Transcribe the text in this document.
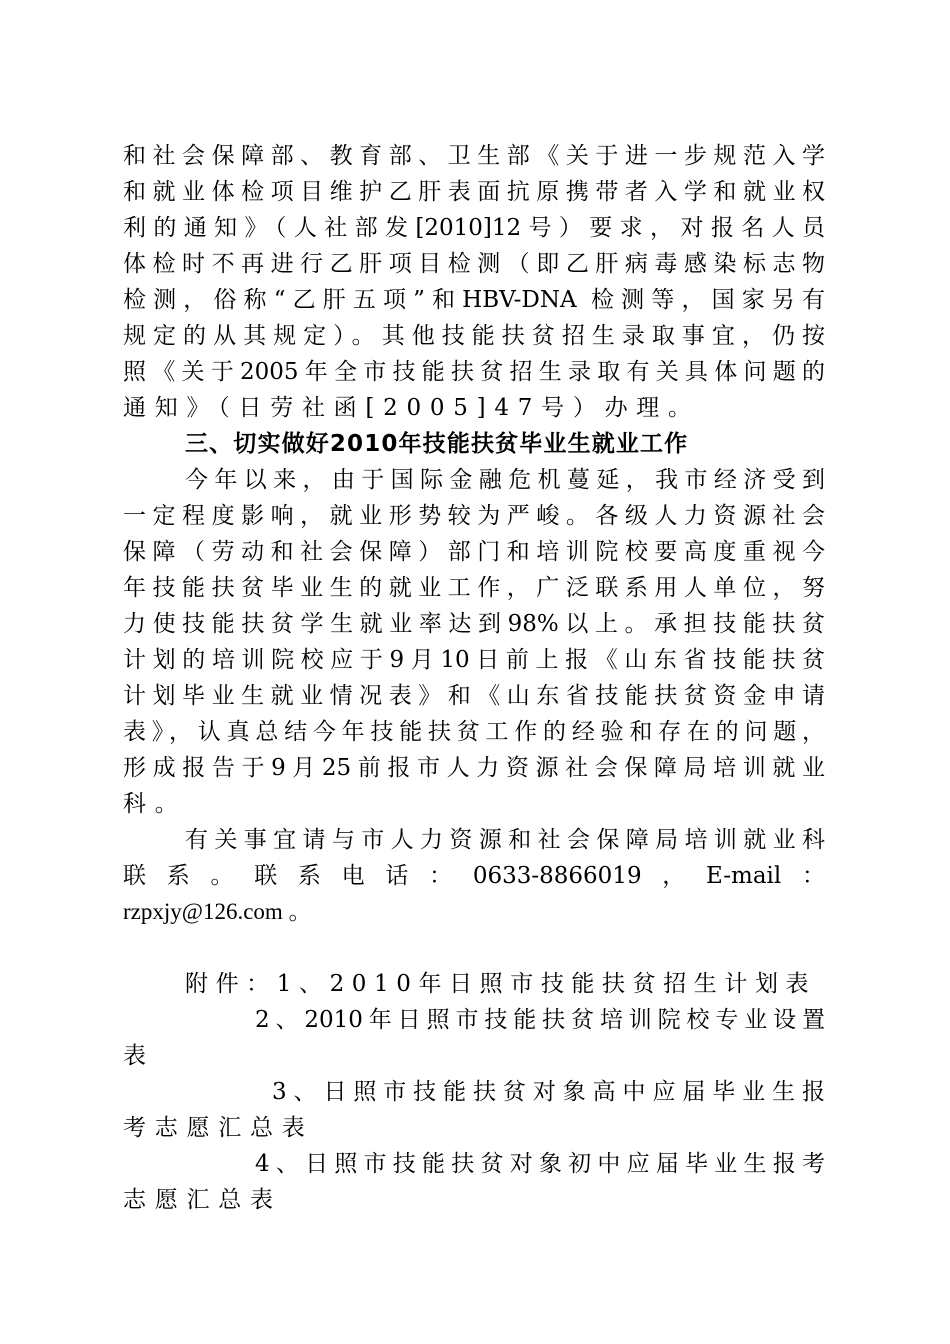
和社会保障部、教育部、卫生部《关于进一步规范入学
和就业体检项目维护乙肝表面抗原携带者入学和就业权
利的通知》（人社部发[2010]12号）要求，对报名人员
体检时不再进行乙肝项目检测（即乙肝病毒感染标志物
检测，俗称“乙肝五项”和HBV-DNA 检测等，国家另有
规定的从其规定）。其他技能扶贫招生录取事宜，仍按
照《关于2005年全市技能扶贫招生录取有关具体问题的
通知》（日劳社函[2005]47号）办理。
三、切实做好2010年技能扶贫毕业生就业工作
今年以来，由于国际金融危机蔓延，我市经济受到
一定程度影响，就业形势较为严峻。各级人力资源社会
保障（劳动和社会保障）部门和培训院校要高度重视今
年技能扶贫毕业生的就业工作，广泛联系用人单位，努
力使技能扶贫学生就业率达到98%以上。承担技能扶贫
计划的培训院校应于9月10日前上报《山东省技能扶贫
计划毕业生就业情况表》和《山东省技能扶贫资金申请
表》，认真总结今年技能扶贫工作的经验和存在的问题，
形成报告于9月25前报市人力资源社会保障局培训就业
科。
有关事宜请与市人力资源和社会保障局培训就业科
联系。联系电话：0633-8866019，E-mail：
rzpxjy@126.com 。
附件：1、2010年日照市技能扶贫招生计划表
2、2010年日照市技能扶贫培训院校专业设置
表
3、日照市技能扶贫对象高中应届毕业生报
考志愿汇总表
4、日照市技能扶贫对象初中应届毕业生报考
志愿汇总表
